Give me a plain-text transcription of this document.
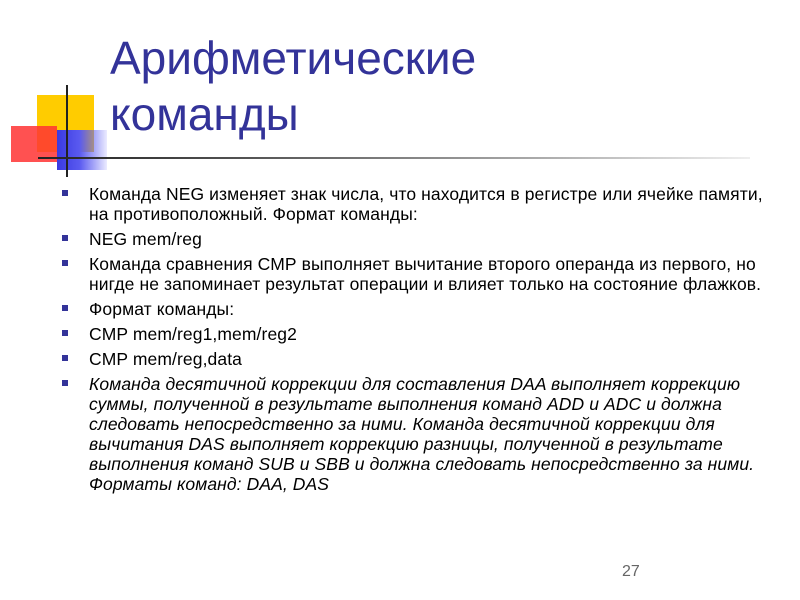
Арифметические
команды
Команда NEG изменяет знак числа, что находится в регистре или ячейке памяти, на противоположный. Формат команды:
NEG mem/reg
Команда сравнения СМР выполняет вычитание второго операнда из первого, но нигде не запоминает результат операции и влияет только на состояние флажков.
Формат команды:
CMP mem/reg1,mem/reg2
CMP mem/reg,data
Команда десятичной коррекции для составления DAA выполняет коррекцию суммы, полученной в результате выполнения команд ADD и ADC и должна следовать непосредственно за ними. Команда десятичной коррекции для вычитания DAS выполняет коррекцию разницы, полученной в результате выполнения команд SUB и SBB и должна следовать непосредственно за ними. Форматы команд: DAA, DAS
27
